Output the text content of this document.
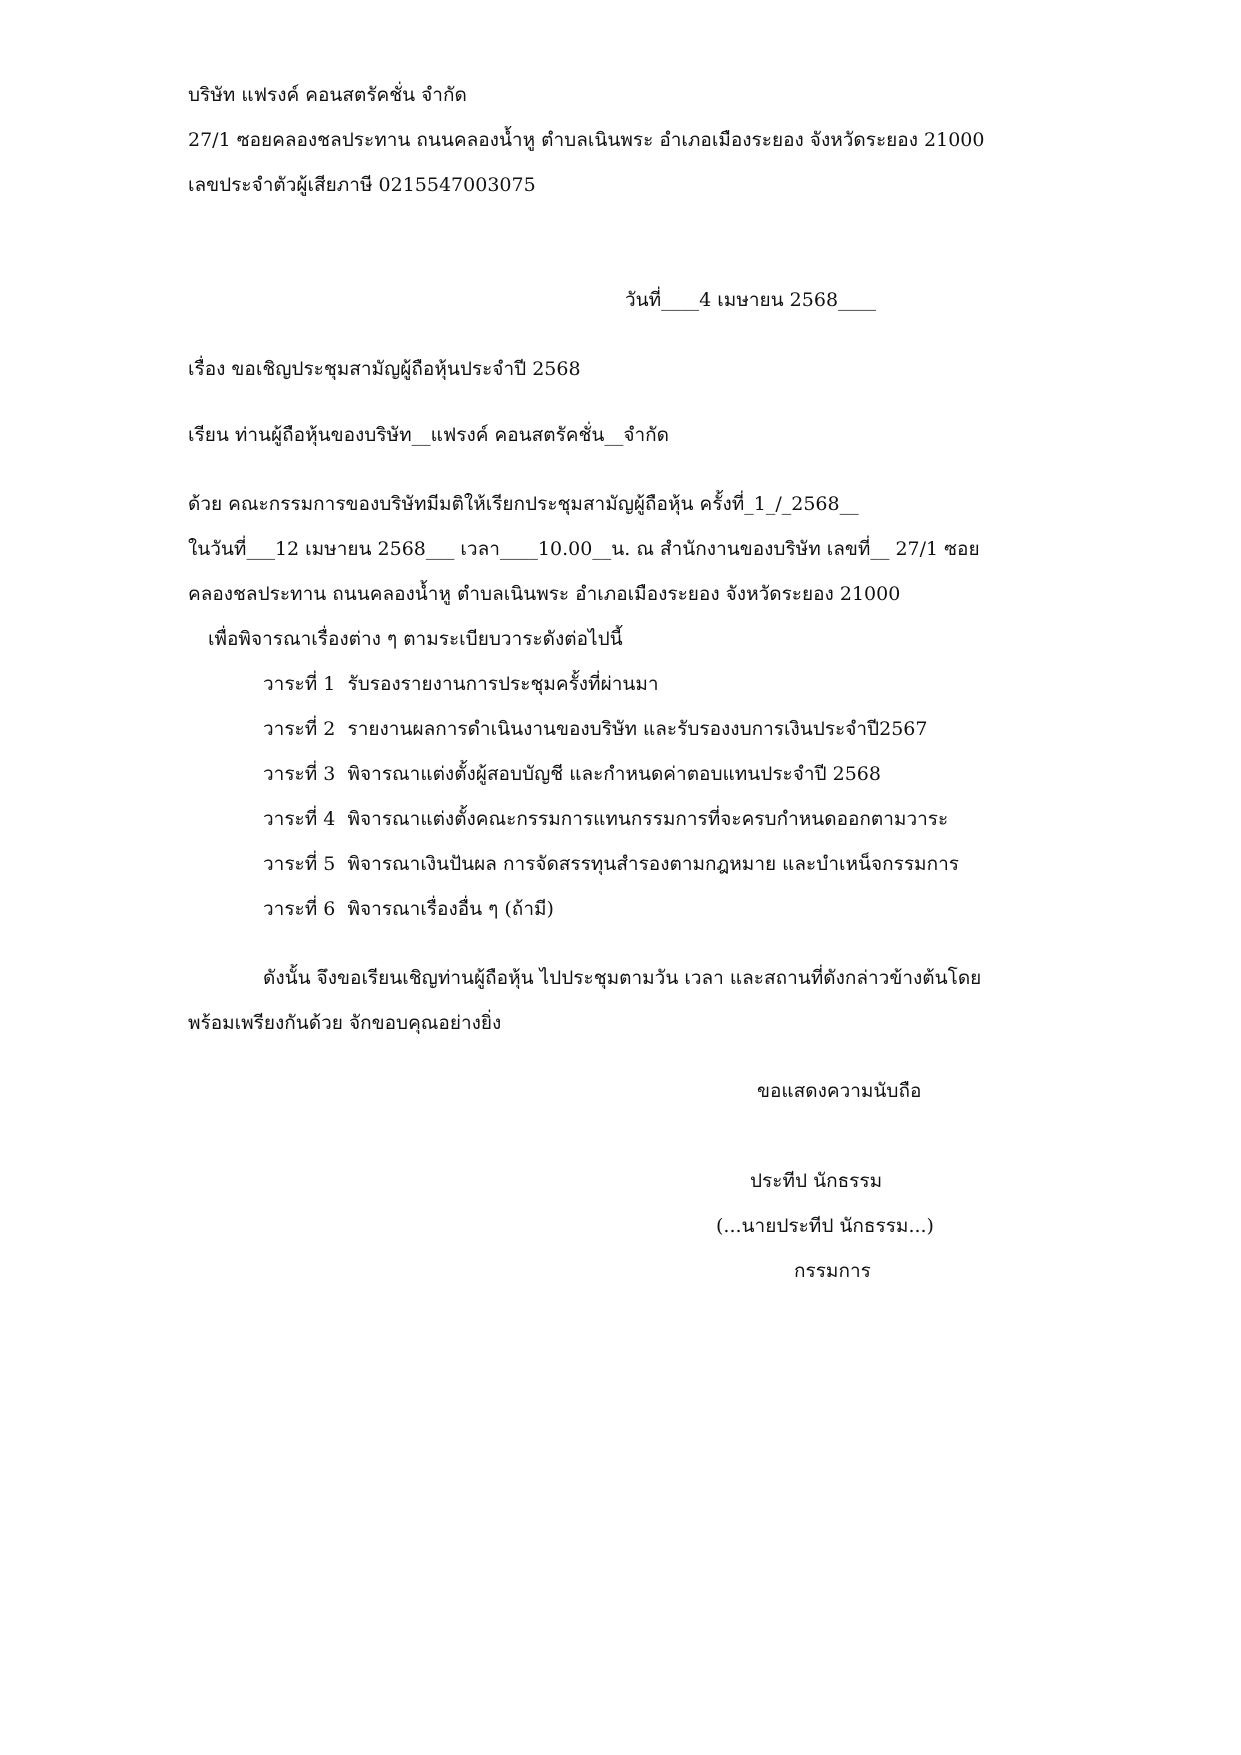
บริษัท แฟรงค์ คอนสตรัคชั่น จำกัด
27/1 ซอยคลองชลประทาน ถนนคลองน้ำหู ตำบลเนินพระ อำเภอเมืองระยอง จังหวัดระยอง 21000
เลขประจำตัวผู้เสียภาษี 0215547003075
วันที่____4 เมษายน 2568____
เรื่อง ขอเชิญประชุมสามัญผู้ถือหุ้นประจำปี 2568
เรียน ท่านผู้ถือหุ้นของบริษัท__แฟรงค์ คอนสตรัคชั่น__จำกัด
ด้วย คณะกรรมการของบริษัทมีมติให้เรียกประชุมสามัญผู้ถือหุ้น ครั้งที่_1_/_2568__
ในวันที่___12 เมษายน 2568___ เวลา____10.00__น. ณ สำนักงานของบริษัท เลขที่__ 27/1 ซอย
คลองชลประทาน ถนนคลองน้ำหู ตำบลเนินพระ อำเภอเมืองระยอง จังหวัดระยอง 21000
เพื่อพิจารณาเรื่องต่าง ๆ ตามระเบียบวาระดังต่อไปนี้
วาระที่ 1 รับรองรายงานการประชุมครั้งที่ผ่านมา
วาระที่ 2 รายงานผลการดำเนินงานของบริษัท และรับรองงบการเงินประจำปี2567
วาระที่ 3 พิจารณาแต่งตั้งผู้สอบบัญชี และกำหนดค่าตอบแทนประจำปี 2568
วาระที่ 4 พิจารณาแต่งตั้งคณะกรรมการแทนกรรมการที่จะครบกำหนดออกตามวาระ
วาระที่ 5 พิจารณาเงินปันผล การจัดสรรทุนสำรองตามกฎหมาย และบำเหน็จกรรมการ
วาระที่ 6 พิจารณาเรื่องอื่น ๆ (ถ้ามี)
ดังนั้น จึงขอเรียนเชิญท่านผู้ถือหุ้น ไปประชุมตามวัน เวลา และสถานที่ดังกล่าวข้างต้นโดย
พร้อมเพรียงกันด้วย จักขอบคุณอย่างยิ่ง
ขอแสดงความนับถือ
ประทีป นักธรรม
(...นายประทีป นักธรรม...)
กรรมการ
